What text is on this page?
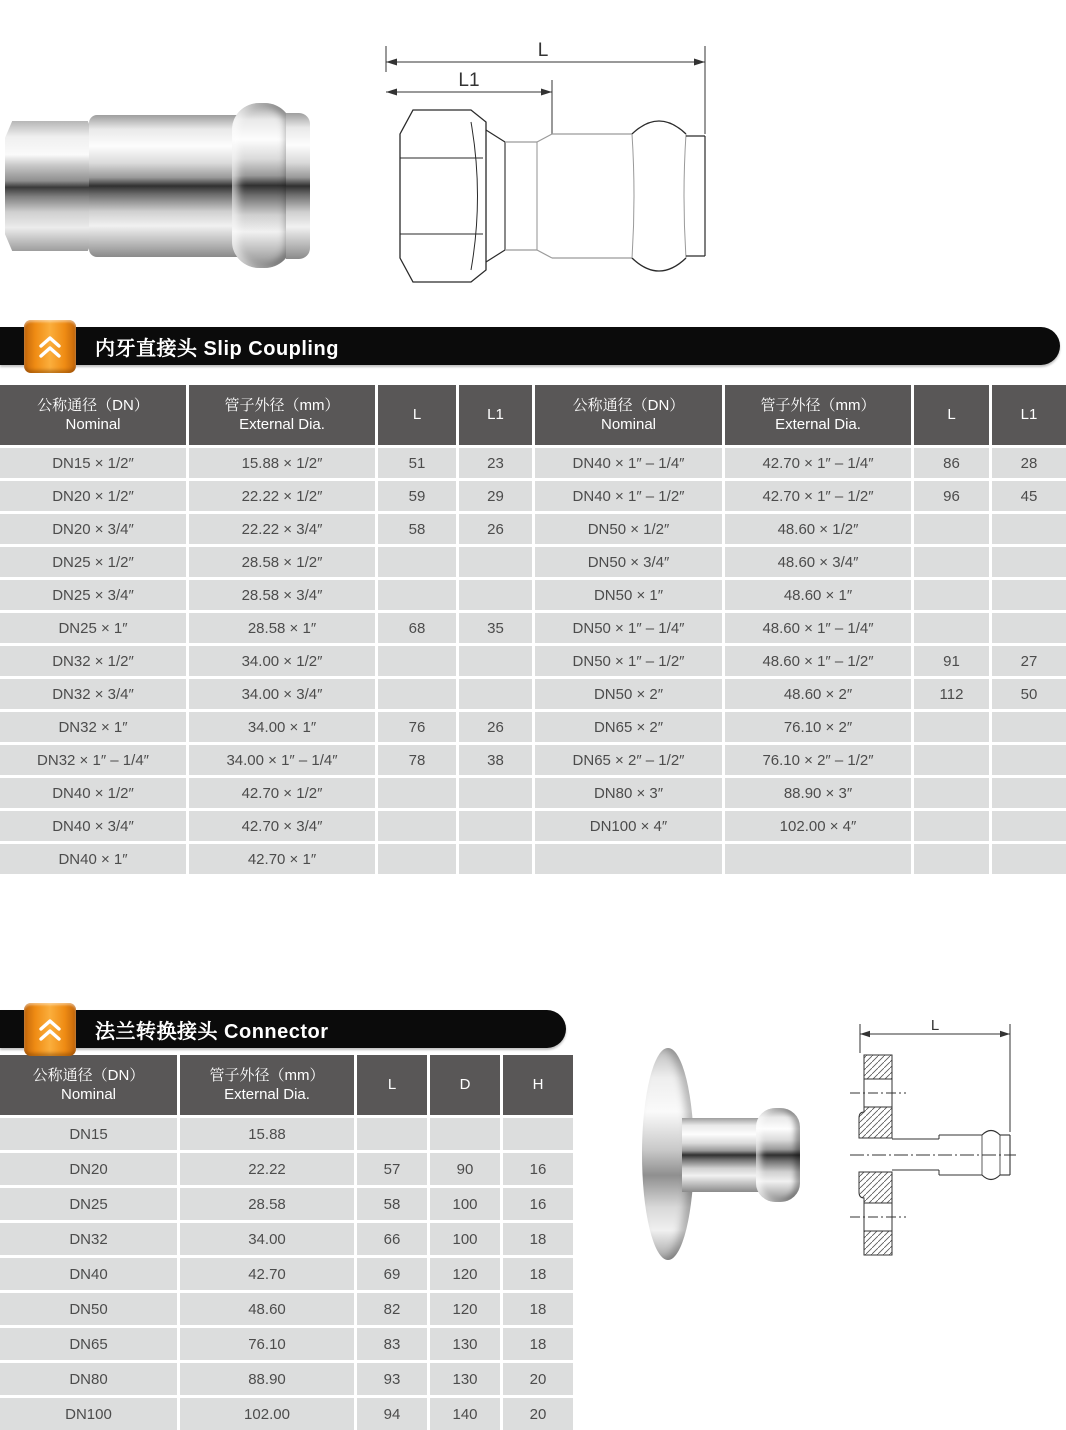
L
L1
内牙直接头 Slip Coupling
公称通径（DN）
Nominal
管子外径（mm）
External Dia.
L	L1
公称通径（DN）
Nominal
管子外径（mm）
External Dia.
L	L1
DN15 × 1/2″	15.88 × 1/2″	51	23	DN40 × 1″ – 1/4″	42.70 × 1″ – 1/4″	86	28
DN20 × 1/2″	22.22 × 1/2″	59	29	DN40 × 1″ – 1/2″	42.70 × 1″ – 1/2″	96	45
DN20 × 3/4″	22.22 × 3/4″	58	26	DN50 × 1/2″	48.60 × 1/2″
DN25 × 1/2″	28.58 × 1/2″	DN50 × 3/4″	48.60 × 3/4″
DN25 × 3/4″	28.58 × 3/4″	DN50 × 1″	48.60 × 1″
DN25 × 1″	28.58 × 1″	68	35	DN50 × 1″ – 1/4″	48.60 × 1″ – 1/4″
DN32 × 1/2″	34.00 × 1/2″	DN50 × 1″ – 1/2″	48.60 × 1″ – 1/2″	91	27
DN32 × 3/4″	34.00 × 3/4″	DN50 × 2″	48.60 × 2″	112	50
DN32 × 1″	34.00 × 1″	76	26	DN65 × 2″	76.10 × 2″
DN32 × 1″ – 1/4″	34.00 × 1″ – 1/4″	78	38	DN65 × 2″ – 1/2″	76.10 × 2″ – 1/2″
DN40 × 1/2″	42.70 × 1/2″	DN80 × 3″	88.90 × 3″
DN40 × 3/4″	42.70 × 3/4″	DN100 × 4″	102.00 × 4″
DN40 × 1″	42.70 × 1″
法兰转换接头 Connector
公称通径（DN）
Nominal
管子外径（mm）
External Dia.
L	D	H
DN15	15.88
DN20	22.22	57	90	16
DN25	28.58	58	100	16
DN32	34.00	66	100	18
DN40	42.70	69	120	18
DN50	48.60	82	120	18
DN65	76.10	83	130	18
DN80	88.90	93	130	20
DN100	102.00	94	140	20
L
